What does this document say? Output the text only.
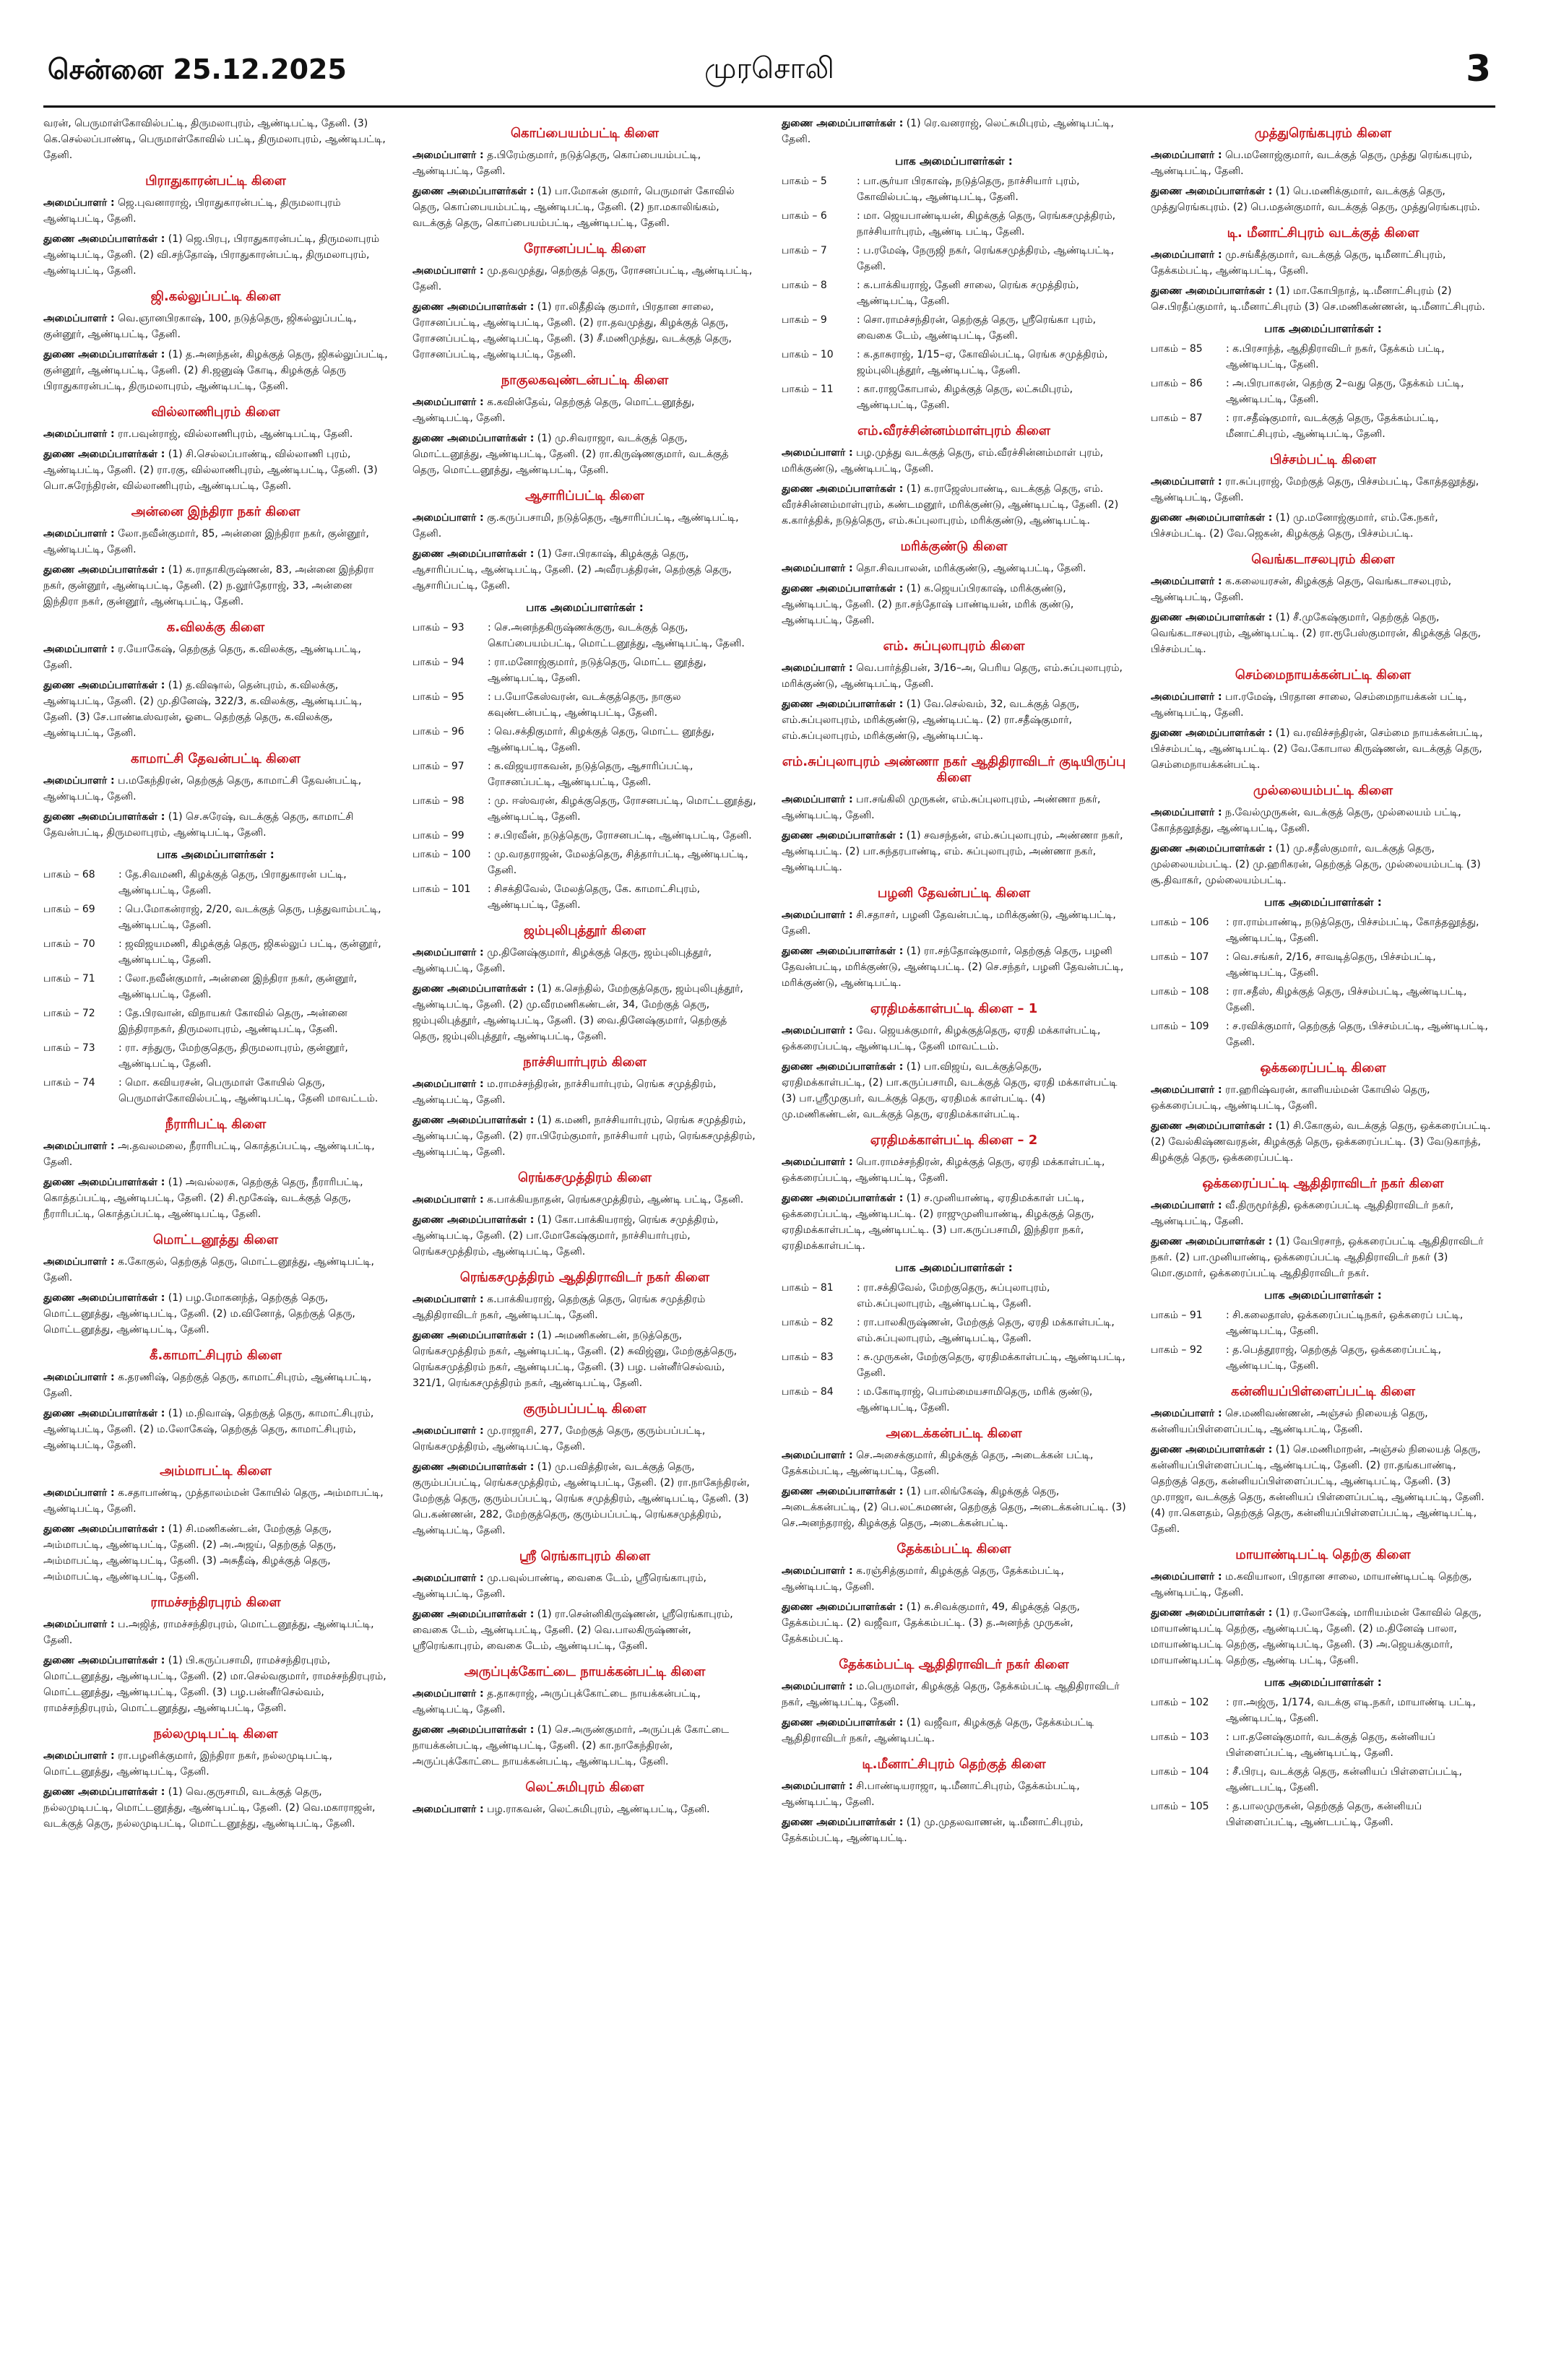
சென்னை 25.12.2025	முரசொலி	3

வரன், பெருமாள்கோவில்பட்டி, திருமலாபுரம், ஆண்டிபட்டி, தேனி. (3) கெ.செல்லப்பாண்டி, பெருமாள்கோவில் பட்டி, திருமலாபுரம், ஆண்டிபட்டி, தேனி.

பிராதுகாரன்பட்டி கிளை

அமைப்பாளர் : ஜெ.புவனாராஜ், பிராதுகாரன்பட்டி, திருமலாபுரம் ஆண்டிபட்டி, தேனி.

துணை அமைப்பாளர்கள் : (1) ஜெ.பிரபு, பிராதுகாரன்பட்டி, திருமலாபுரம் ஆண்டிபட்டி, தேனி. (2) வி.சந்தோஷ், பிராதுகாரன்பட்டி, திருமலாபுரம், ஆண்டிபட்டி, தேனி.

ஜி.கல்லுப்பட்டி கிளை

அமைப்பாளர் : வெ.ஞானபிரகாஷ், 100, நடுத்தெரு, ஜிகல்லுப்பட்டி, குன்னூர், ஆண்டிபட்டி, தேனி.

துணை அமைப்பாளர்கள் : (1) த.அனந்தன், கிழக்குத் தெரு, ஜிகல்லுப்பட்டி, குன்னூர், ஆண்டிபட்டி, தேனி. (2) சி.ஜனுஷ் கோடி, கிழக்குத் தெரு பிராதுகாரன்பட்டி, திருமலாபுரம், ஆண்டிபட்டி, தேனி.

வில்லாணிபுரம் கிளை

அமைப்பாளர் : ரா.பவுன்ராஜ், வில்லாணிபுரம், ஆண்டிபட்டி, தேனி.

துணை அமைப்பாளர்கள் : (1) சி.செல்லப்பாண்டி, வில்லாணி புரம், ஆண்டிபட்டி, தேனி. (2) ரா.ரகு, வில்லாணிபுரம், ஆண்டிபட்டி, தேனி. (3) பொ.சுரேந்திரன், வில்லாணிபுரம், ஆண்டிபட்டி, தேனி.

அன்னை இந்திரா நகர் கிளை

அமைப்பாளர் : லோ.நவீன்குமார், 85, அன்னை இந்திரா நகர், குன்னூர், ஆண்டிபட்டி, தேனி.

துணை அமைப்பாளர்கள் : (1) க.ராதாகிருஷ்ணன், 83, அன்னை இந்திரா நகர், குன்னூர், ஆண்டிபட்டி, தேனி. (2) ந.லூர்தேராஜ், 33, அன்னை இந்திரா நகர், குன்னூர், ஆண்டிபட்டி, தேனி.

க.விலக்கு கிளை

அமைப்பாளர் : ர.யோகேஷ், தெற்குத் தெரு, க.விலக்கு, ஆண்டிபட்டி, தேனி.

துணை அமைப்பாளர்கள் : (1) த.விஷால், தென்புரம், க.விலக்கு, ஆண்டிபட்டி, தேனி. (2) மு.தினேஷ், 322/3, க.விலக்கு, ஆண்டிபட்டி, தேனி. (3) சே.பாண்டீஸ்வரன், ஓடை தெற்குத் தெரு, க.விலக்கு, ஆண்டிபட்டி, தேனி.

காமாட்சி தேவன்பட்டி கிளை

அமைப்பாளர் : ப.மகேந்திரன், தெற்குத் தெரு, காமாட்சி தேவன்பட்டி, ஆண்டிபட்டி, தேனி.

துணை அமைப்பாளர்கள் : (1) செ.சுரேஷ், வடக்குத் தெரு, காமாட்சி தேவன்பட்டி, திருமலாபுரம், ஆண்டிபட்டி, தேனி.

பாக அமைப்பாளர்கள் :
பாகம் – 68	: தே.சிவமணி, கிழக்குத் தெரு, பிராதுகாரன் பட்டி, ஆண்டிபட்டி, தேனி.
பாகம் – 69	: பெ.மோகன்ராஜ், 2/20, வடக்குத் தெரு, பத்துவாம்பட்டி, ஆண்டிபட்டி, தேனி.
பாகம் – 70	: ஜவிஜயமணி, கிழக்குத் தெரு, ஜிகல்லுப் பட்டி, குன்னூர், ஆண்டிபட்டி, தேனி.
பாகம் – 71	: லோ.நவீன்குமார், அன்னை இந்திரா நகர், குன்னூர், ஆண்டிபட்டி, தேனி.
பாகம் – 72	: தே.பிரவான், விநாயகர் கோவில் தெரு, அன்னை இந்திராநகர், திருமலாபுரம், ஆண்டிபட்டி, தேனி.
பாகம் – 73	: ரா. சந்துரு, மேற்குதெரு, திருமலாபுரம், குன்னூர், ஆண்டிபட்டி, தேனி.
பாகம் – 74	: மொ. கவியரசன், பெருமாள் கோயில் தெரு, பெருமாள்கோவில்பட்டி, ஆண்டிபட்டி, தேனி மாவட்டம்.
நீராரிபட்டி கிளை

அமைப்பாளர் : அ.தவலமலை, நீராரிபட்டி, கொத்தப்பட்டி, ஆண்டிபட்டி, தேனி.

துணை அமைப்பாளர்கள் : (1) அவல்லரசு, தெற்குத் தெரு, நீராரிபட்டி, கொத்தப்பட்டி, ஆண்டிபட்டி, தேனி. (2) சி.மூகேஷ், வடக்குத் தெரு, நீராரிபட்டி, கொத்தப்பட்டி, ஆண்டிபட்டி, தேனி.

மொட்டனூத்து கிளை

அமைப்பாளர் : க.கோகுல், தெற்குத் தெரு, மொட்டனூத்து, ஆண்டிபட்டி, தேனி.

துணை அமைப்பாளர்கள் : (1) பழ.மோகனந்த், தெற்குத் தெரு, மொட்டனூத்து, ஆண்டிபட்டி, தேனி. (2) ம.வினோத், தெற்குத் தெரு, மொட்டனூத்து, ஆண்டிபட்டி, தேனி.

கீ.காமாட்சிபுரம் கிளை

அமைப்பாளர் : க.தரணிஷ், தெற்குத் தெரு, காமாட்சிபுரம், ஆண்டிபட்டி, தேனி.

துணை அமைப்பாளர்கள் : (1) ம.நிவாஷ், தெற்குத் தெரு, காமாட்சிபுரம், ஆண்டிபட்டி, தேனி. (2) ம.லோகேஷ், தெற்குத் தெரு, காமாட்சிபுரம், ஆண்டிபட்டி, தேனி.

அம்மாபட்டி கிளை

அமைப்பாளர் : க.சதாபாண்டி, முத்தாலம்மன் கோயில் தெரு, அம்மாபட்டி, ஆண்டிபட்டி, தேனி.

துணை அமைப்பாளர்கள் : (1) சி.மணிகண்டன், மேற்குத் தெரு, அம்மாபட்டி, ஆண்டிபட்டி, தேனி. (2) அ.அஜய், தெற்குத் தெரு, அம்மாபட்டி, ஆண்டிபட்டி, தேனி. (3) அசுதீஷ், கிழக்குத் தெரு, அம்மாபட்டி, ஆண்டிபட்டி, தேனி.

ராமச்சந்திரபுரம் கிளை

அமைப்பாளர் : ப.அஜித், ராமச்சந்திரபுரம், மொட்டனூத்து, ஆண்டிபட்டி, தேனி.

துணை அமைப்பாளர்கள் : (1) பி.கருப்பசாமி, ராமச்சந்திரபுரம், மொட்டனூத்து, ஆண்டிபட்டி, தேனி. (2) மா.செல்வகுமார், ராமச்சந்திரபுரம், மொட்டனூத்து, ஆண்டிபட்டி, தேனி. (3) பழ.பன்னீர்செல்வம், ராமச்சந்திரபுரம், மொட்டனூத்து, ஆண்டிபட்டி, தேனி.

நல்லமுடிபட்டி கிளை

அமைப்பாளர் : ரா.பழனிக்குமார், இந்திரா நகர், நல்லமுடிபட்டி, மொட்டனூத்து, ஆண்டிபட்டி, தேனி.

துணை அமைப்பாளர்கள் : (1) வெ.குருசாமி, வடக்குத் தெரு, நல்லமுடிபட்டி, மொட்டனூத்து, ஆண்டிபட்டி, தேனி. (2) வெ.மகாராஜன், வடக்குத் தெரு, நல்லமுடிபட்டி, மொட்டனூத்து, ஆண்டிபட்டி, தேனி.

கொப்பையம்பட்டி கிளை

அமைப்பாளர் : த.பிரேம்குமார், நடுத்தெரு, கொப்பையம்பட்டி, ஆண்டிபட்டி, தேனி.

துணை அமைப்பாளர்கள் : (1) பா.மோகன் குமார், பெருமாள் கோவில் தெரு, கொப்பையம்பட்டி, ஆண்டிபட்டி, தேனி. (2) நா.மகாலிங்கம், வடக்குத் தெரு, கொப்பையம்பட்டி, ஆண்டிபட்டி, தேனி.

ரோசனப்பட்டி கிளை

அமைப்பாளர் : மு.தவமுத்து, தெற்குத் தெரு, ரோசனப்பட்டி, ஆண்டிபட்டி, தேனி.

துணை அமைப்பாளர்கள் : (1) ரா.லிதீதிஷ் குமார், பிரதான சாலை, ரோசனப்பட்டி, ஆண்டிபட்டி, தேனி. (2) ரா.தவமுத்து, கிழக்குத் தெரு, ரோசனப்பட்டி, ஆண்டிபட்டி, தேனி. (3) சீ.மணிமுத்து, வடக்குத் தெரு, ரோசனப்பட்டி, ஆண்டிபட்டி, தேனி.

நாகுலகவுண்டன்பட்டி கிளை

அமைப்பாளர் : க.கவின்தேவ், தெற்குத் தெரு, மொட்டனூத்து, ஆண்டிபட்டி, தேனி.

துணை அமைப்பாளர்கள் : (1) மு.சிவராஜா, வடக்குத் தெரு, மொட்டனூத்து, ஆண்டிபட்டி, தேனி. (2) ரா.கிருஷ்ணகுமார், வடக்குத் தெரு, மொட்டனூத்து, ஆண்டிபட்டி, தேனி.

ஆசாரிப்பட்டி கிளை

அமைப்பாளர் : கு.கருப்பசாமி, நடுத்தெரு, ஆசாரிப்பட்டி, ஆண்டிபட்டி, தேனி.

துணை அமைப்பாளர்கள் : (1) சோ.பிரகாஷ், கிழக்குத் தெரு, ஆசாரிப்பட்டி, ஆண்டிபட்டி, தேனி. (2) அவீரபத்திரன், தெற்குத் தெரு, ஆசாரிப்பட்டி, தேனி.

பாக அமைப்பாளர்கள் :
பாகம் – 93	: செ.அனந்தகிருஷ்ணக்குரு, வடக்குத் தெரு, கொப்பையம்பட்டி, மொட்டனூத்து, ஆண்டிபட்டி, தேனி.
பாகம் – 94	: ரா.மனோஜ்குமார், நடுத்தெரு, மொட்ட னூத்து, ஆண்டிபட்டி, தேனி.
பாகம் – 95	: ப.யோகேஸ்வரன், வடக்குத்தெரு, நாகுல கவுண்டன்பட்டி, ஆண்டிபட்டி, தேனி.
பாகம் – 96	: வெ.சக்திகுமார், கிழக்குத் தெரு, மொட்ட னூத்து, ஆண்டிபட்டி, தேனி.
பாகம் – 97	: க.விஜயராகவன், நடுத்தெரு, ஆசாரிப்பட்டி, ரோசனப்பட்டி, ஆண்டிபட்டி, தேனி.
பாகம் – 98	: மு. ஈஸ்வரன், கிழக்குதெரு, ரோசனபட்டி, மொட்டனூத்து, ஆண்டிபட்டி, தேனி.
பாகம் – 99	: ச.பிரவீன், நடுத்தெரு, ரோசனபட்டி, ஆண்டிபட்டி, தேனி.
பாகம் – 100	: மு.வரதராஜன், மேலத்தெரு, சித்தார்பட்டி, ஆண்டிபட்டி, தேனி.
பாகம் – 101	: சிசக்திவேல், மேலத்தெரு, கே. காமாட்சிபுரம், ஆண்டிபட்டி, தேனி.
ஜம்புலிபுத்தூர் கிளை

அமைப்பாளர் : மு.தினேஷ்குமார், கிழக்குத் தெரு, ஜம்புலிபுத்தூர், ஆண்டிபட்டி, தேனி.

துணை அமைப்பாளர்கள் : (1) க.செந்தில், மேற்குத்தெரு, ஜம்புலிபுத்தூர், ஆண்டிபட்டி, தேனி. (2) மு.வீரமணிகண்டன், 34, மேற்குத் தெரு, ஜம்புலிபுத்தூர், ஆண்டிபட்டி, தேனி. (3) வை.தினேஷ்குமார், தெற்குத் தெரு, ஜம்புலிபுத்தூர், ஆண்டிபட்டி, தேனி.

நாச்சியார்புரம் கிளை

அமைப்பாளர் : ம.ராமச்சந்திரன், நாச்சியார்புரம், ரெங்க சமுத்திரம், ஆண்டிபட்டி, தேனி.

துணை அமைப்பாளர்கள் : (1) க.மணி, நாச்சியார்புரம், ரெங்க சமுத்திரம், ஆண்டிபட்டி, தேனி. (2) ரா.பிரேம்குமார், நாச்சியார் புரம், ரெங்கசமுத்திரம், ஆண்டிபட்டி, தேனி.

ரெங்கசமுத்திரம் கிளை

அமைப்பாளர் : க.பாக்கியநாதன், ரெங்கசமுத்திரம், ஆண்டி பட்டி, தேனி.

துணை அமைப்பாளர்கள் : (1) கோ.பாக்கியராஜ், ரெங்க சமுத்திரம், ஆண்டிபட்டி, தேனி. (2) பா.மோகேஷ்குமார், நாச்சியார்புரம், ரெங்கசமுத்திரம், ஆண்டிபட்டி, தேனி.

ரெங்கசமுத்திரம் ஆதிதிராவிடர் நகர் கிளை

அமைப்பாளர் : க.பாக்கியராஜ், தெற்குத் தெரு, ரெங்க சமுத்திரம் ஆதிதிராவிடர் நகர், ஆண்டிபட்டி, தேனி.

துணை அமைப்பாளர்கள் : (1) அமணிகண்டன், நடுத்தெரு, ரெங்கசமுத்திரம் நகர், ஆண்டிபட்டி, தேனி. (2) சுவிஜ்னு, மேற்குத்தெரு, ரெங்கசமுத்திரம் நகர், ஆண்டிபட்டி, தேனி. (3) பழ. பன்னீர்செல்வம், 321/1, ரெங்கசமுத்திரம் நகர், ஆண்டிபட்டி, தேனி.

குரும்பப்பட்டி கிளை

அமைப்பாளர் : மு.ராஜாசி, 277, மேற்குத் தெரு, குரும்பப்பட்டி, ரெங்கசமுத்திரம், ஆண்டிபட்டி, தேனி.

துணை அமைப்பாளர்கள் : (1) மு.பவித்திரன், வடக்குத் தெரு, குரும்பப்பட்டி, ரெங்கசமுத்திரம், ஆண்டிபட்டி, தேனி. (2) ரா.நாகேந்திரன், மேற்குத் தெரு, குரும்பப்பட்டி, ரெங்க சமுத்திரம், ஆண்டிபட்டி, தேனி. (3) பெ.கண்ணன், 282, மேற்குத்தெரு, குரும்பப்பட்டி, ரெங்கசமுத்திரம், ஆண்டிபட்டி, தேனி.

ஸ்ரீ ரெங்காபுரம் கிளை

அமைப்பாளர் : மு.பவுல்பாண்டி, வைகை டேம், ஸ்ரீரெங்காபுரம், ஆண்டிபட்டி, தேனி.

துணை அமைப்பாளர்கள் : (1) ரா.சென்னிகிருஷ்ணன், ஸ்ரீரெங்காபுரம், வைகை டேம், ஆண்டிபட்டி, தேனி. (2) வெ.பாலகிருஷ்ணன், ஸ்ரீரெங்காபுரம், வைகை டேம், ஆண்டிபட்டி, தேனி.

அருப்புக்கோட்டை நாயக்கன்பட்டி கிளை

அமைப்பாளர் : த.தாசுராஜ், அருப்புக்கோட்டை நாயக்கன்பட்டி, ஆண்டிபட்டி, தேனி.

துணை அமைப்பாளர்கள் : (1) செ.அருண்குமார், அருப்புக் கோட்டை நாயக்கன்பட்டி, ஆண்டிபட்டி, தேனி. (2) கா.நாகேந்திரன், அருப்புக்கோட்டை நாயக்கன்பட்டி, ஆண்டிபட்டி, தேனி.

லெட்சுமிபுரம் கிளை

அமைப்பாளர் : பழ.ராகவன், லெட்சுமிபுரம், ஆண்டிபட்டி, தேனி.

துணை அமைப்பாளர்கள் : (1) ரெ.வனராஜ், லெட்சுமிபுரம், ஆண்டிபட்டி, தேனி.

பாக அமைப்பாளர்கள் :
பாகம் – 5	: பா.சூர்யா பிரகாஷ், நடுத்தெரு, நாச்சியார் புரம், கோவில்பட்டி, ஆண்டிபட்டி, தேனி.
பாகம் – 6	: மா. ஜெயபாண்டியன், கிழக்குத் தெரு, ரெங்கசமுத்திரம், நாச்சியார்புரம், ஆண்டி பட்டி, தேனி.
பாகம் – 7	: ப.ரமேஷ், நேருஜி நகர், ரெங்கசமுத்திரம், ஆண்டிபட்டி, தேனி.
பாகம் – 8	: க.பாக்கியராஜ், தேனி சாலை, ரெங்க சமுத்திரம், ஆண்டிபட்டி, தேனி.
பாகம் – 9	: சொ.ராமச்சந்திரன், தெற்குத் தெரு, ஸ்ரீரெங்கா புரம், வைகை டேம், ஆண்டிபட்டி, தேனி.
பாகம் – 10	: க.தாசுராஜ், 1/15–ஏ, கோவில்பட்டி, ரெங்க சமுத்திரம், ஜம்புலிபுத்தூர், ஆண்டிபட்டி, தேனி.
பாகம் – 11	: கா.ராஜகோபால், கிழக்குத் தெரு, லட்சுமிபுரம், ஆண்டிபட்டி, தேனி.
எம்.வீரச்சின்னம்மாள்புரம் கிளை

அமைப்பாளர் : பழ.முத்து வடக்குத் தெரு, எம்.வீரச்சின்னம்மாள் புரம், மரிக்குண்டு, ஆண்டிபட்டி, தேனி.

துணை அமைப்பாளர்கள் : (1) க.ராஜேஸ்பாண்டி, வடக்குத் தெரு, எம். வீரச்சின்னம்மாள்புரம், கண்டமனூர், மரிக்குண்டு, ஆண்டிபட்டி, தேனி. (2) க.கார்த்திக், நடுத்தெரு, எம்.சுப்புலாபுரம், மரிக்குண்டு, ஆண்டிபட்டி.

மரிக்குண்டு கிளை

அமைப்பாளர் : தொ.சிவபாலன், மரிக்குண்டு, ஆண்டிபட்டி, தேனி.

துணை அமைப்பாளர்கள் : (1) க.ஜெயப்பிரகாஷ், மரிக்குண்டு, ஆண்டிபட்டி, தேனி. (2) நா.சந்தோஷ் பாண்டியன், மரிக் குண்டு, ஆண்டிபட்டி, தேனி.

எம். சுப்புலாபுரம் கிளை

அமைப்பாளர் : வெ.பார்த்திபன், 3/16–அ, பெரிய தெரு, எம்.சுப்புலாபுரம், மரிக்குண்டு, ஆண்டிபட்டி, தேனி.

துணை அமைப்பாளர்கள் : (1) வே.செல்வம், 32, வடக்குத் தெரு, எம்.சுப்புலாபுரம், மரிக்குண்டு, ஆண்டிபட்டி. (2) ரா.சதீஷ்குமார், எம்.சுப்புலாபுரம், மரிக்குண்டு, ஆண்டிபட்டி.

எம்.சுப்புலாபுரம் அண்ணா நகர் ஆதிதிராவிடர் குடியிருப்பு கிளை

அமைப்பாளர் : பா.சங்கிலி முருகன், எம்.சுப்புலாபுரம், அண்ணா நகர், ஆண்டிபட்டி, தேனி.

துணை அமைப்பாளர்கள் : (1) சவசந்தன், எம்.சுப்புலாபுரம், அண்ணா நகர், ஆண்டிபட்டி. (2) பா.சுந்தரபாண்டி, எம். சுப்புலாபுரம், அண்ணா நகர், ஆண்டிபட்டி.

பழனி தேவன்பட்டி கிளை

அமைப்பாளர் : சி.சதாசர், பழனி தேவன்பட்டி, மரிக்குண்டு, ஆண்டிபட்டி, தேனி.

துணை அமைப்பாளர்கள் : (1) ரா.சந்தோஷ்குமார், தெற்குத் தெரு, பழனி தேவன்பட்டி, மரிக்குண்டு, ஆண்டிபட்டி. (2) செ.சந்தர், பழனி தேவன்பட்டி, மரிக்குண்டு, ஆண்டிபட்டி.

ஏரதிமக்காள்பட்டி கிளை – 1

அமைப்பாளர் : வே. ஜெயக்குமார், கிழக்குத்தெரு, ஏரதி மக்காள்பட்டி, ஒக்கரைப்பட்டி, ஆண்டிபட்டி, தேனி மாவட்டம்.

துணை அமைப்பாளர்கள் : (1) பா.விஜய், வடக்குத்தெரு, ஏரதிமக்காள்பட்டி, (2) பா.கருப்பசாமி, வடக்குத் தெரு, ஏரதி மக்காள்பட்டி (3) பா.ஸ்ரீமுகுபர், வடக்குத் தெரு, ஏரதிமக் காள்பட்டி. (4) மு.மணிகண்டன், வடக்குத் தெரு, ஏரதிமக்காள்பட்டி.

ஏரதிமக்காள்பட்டி கிளை – 2

அமைப்பாளர் : பொ.ராமச்சந்திரன், கிழக்குத் தெரு, ஏரதி மக்காள்பட்டி, ஒக்கரைப்பட்டி, ஆண்டிபட்டி, தேனி.

துணை அமைப்பாளர்கள் : (1) ச.முனியாண்டி, ஏரதிமக்காள் பட்டி, ஒக்கரைப்பட்டி, ஆண்டிபட்டி. (2) ராஜுமுனியாண்டி, கிழக்குத் தெரு, ஏரதிமக்காள்பட்டி, ஆண்டிபட்டி. (3) பா.கருப்பசாமி, இந்திரா நகர், ஏரதிமக்காள்பட்டி.

பாக அமைப்பாளர்கள் :
பாகம் – 81	: ரா.சக்திவேல், மேற்குதெரு, சுப்புலாபுரம், எம்.சுப்புலாபுரம், ஆண்டிபட்டி, தேனி.
பாகம் – 82	: ரா.பாலகிருஷ்ணன், மேற்குத் தெரு, ஏரதி மக்காள்பட்டி, எம்.சுப்புலாபுரம், ஆண்டிபட்டி, தேனி.
பாகம் – 83	: சு.முருகன், மேற்குதெரு, ஏரதிமக்காள்பட்டி, ஆண்டிபட்டி, தேனி.
பாகம் – 84	: ம.கோடிராஜ், பொம்மையசாமிதெரு, மரிக் குண்டு, ஆண்டிபட்டி, தேனி.
அடைக்கன்பட்டி கிளை

அமைப்பாளர் : செ.அசைக்குமார், கிழக்குத் தெரு, அடைக்கன் பட்டி, தேக்கம்பட்டி, ஆண்டிபட்டி, தேனி.

துணை அமைப்பாளர்கள் : (1) பா.லிங்கேஷ், கிழக்குத் தெரு, அடைக்கன்பட்டி, (2) பெ.லட்சுமணன், தெற்குத் தெரு, அடைக்கன்பட்டி. (3) செ.அனந்தராஜ், கிழக்குத் தெரு, அடைக்கன்பட்டி.

தேக்கம்பட்டி கிளை

அமைப்பாளர் : க.ரஞ்சித்குமார், கிழக்குத் தெரு, தேக்கம்பட்டி, ஆண்டிபட்டி, தேனி.

துணை அமைப்பாளர்கள் : (1) சு.சிவக்குமார், 49, கிழக்குத் தெரு, தேக்கம்பட்டி. (2) வஜீவா, தேக்கம்பட்டி. (3) த.அனந்த் முருகன், தேக்கம்பட்டி.

தேக்கம்பட்டி ஆதிதிராவிடர் நகர் கிளை

அமைப்பாளர் : ம.பெருமாள், கிழக்குத் தெரு, தேக்கம்பட்டி ஆதிதிராவிடர் நகர், ஆண்டிபட்டி, தேனி.

துணை அமைப்பாளர்கள் : (1) வஜீவா, கிழக்குத் தெரு, தேக்கம்பட்டி ஆதிதிராவிடர் நகர், ஆண்டிபட்டி.

டி.மீனாட்சிபுரம் தெற்குத் கிளை

அமைப்பாளர் : சி.பாண்டியராஜா, டி.மீனாட்சிபுரம், தேக்கம்பட்டி, ஆண்டிபட்டி, தேனி.

துணை அமைப்பாளர்கள் : (1) மு.முதலவாணன், டி.மீனாட்சிபுரம், தேக்கம்பட்டி, ஆண்டிபட்டி.

முத்துரெங்கபுரம் கிளை

அமைப்பாளர் : பெ.மனோஜ்குமார், வடக்குத் தெரு, முத்து ரெங்கபுரம், ஆண்டிபட்டி, தேனி.

துணை அமைப்பாளர்கள் : (1) பெ.மணிக்குமார், வடக்குத் தெரு, முத்துரெங்கபுரம். (2) பெ.மதன்குமார், வடக்குத் தெரு, முத்துரெங்கபுரம்.

டி. மீனாட்சிபுரம் வடக்குத் கிளை

அமைப்பாளர் : மு.சங்கீத்குமார், வடக்குத் தெரு, டிமீனாட்சிபுரம், தேக்கம்பட்டி, ஆண்டிபட்டி, தேனி.

துணை அமைப்பாளர்கள் : (1) மா.கோபிநாத், டி.மீனாட்சிபுரம் (2) செ.பிரதீப்குமார், டி.மீனாட்சிபுரம் (3) செ.மணிகண்ணன், டி.மீனாட்சிபுரம்.

பாக அமைப்பாளர்கள் :
பாகம் – 85	: க.பிரசாந்த், ஆதிதிராவிடர் நகர், தேக்கம் பட்டி, ஆண்டிபட்டி, தேனி.
பாகம் – 86	: அ.பிரபாகரன், தெற்கு 2–வது தெரு, தேக்கம் பட்டி, ஆண்டிபட்டி, தேனி.
பாகம் – 87	: ரா.சதீஷ்குமார், வடக்குத் தெரு, தேக்கம்பட்டி, மீனாட்சிபுரம், ஆண்டிபட்டி, தேனி.
பிச்சம்பட்டி கிளை

அமைப்பாளர் : ரா.சுப்புராஜ், மேற்குத் தெரு, பிச்சம்பட்டி, கோத்தலூத்து, ஆண்டிபட்டி, தேனி.

துணை அமைப்பாளர்கள் : (1) மு.மனோஜ்குமார், எம்.கே.நகர், பிச்சம்பட்டி. (2) வே.ஜெகன், கிழக்குத் தெரு, பிச்சம்பட்டி.

வெங்கடாசலபுரம் கிளை

அமைப்பாளர் : க.கலையரசன், கிழக்குத் தெரு, வெங்கடாசலபுரம், ஆண்டிபட்டி, தேனி.

துணை அமைப்பாளர்கள் : (1) சீ.முகேஷ்குமார், தெற்குத் தெரு, வெங்கடாசலபுரம், ஆண்டிபட்டி. (2) ரா.ரூபேஸ்குமாரன், கிழக்குத் தெரு, பிச்சம்பட்டி.

செம்மைநாயக்கன்பட்டி கிளை

அமைப்பாளர் : பா.ரமேஷ், பிரதான சாலை, செம்மைநாயக்கன் பட்டி, ஆண்டிபட்டி, தேனி.

துணை அமைப்பாளர்கள் : (1) வ.ரவிச்சந்திரன், செம்மை நாயக்கன்பட்டி, பிச்சம்பட்டி, ஆண்டிபட்டி. (2) வே.கோபால கிருஷ்ணன், வடக்குத் தெரு, செம்மைநாயக்கன்பட்டி.

முல்லையம்பட்டி கிளை

அமைப்பாளர் : ந.வேல்முருகன், வடக்குத் தெரு, முல்லையம் பட்டி, கோத்தலூத்து, ஆண்டிபட்டி, தேனி.

துணை அமைப்பாளர்கள் : (1) மு.சதீஸ்குமார், வடக்குத் தெரு, முல்லையம்பட்டி. (2) மு.ஹரிகரன், தெற்குத் தெரு, முல்லையம்பட்டி (3) சூ.திவாகர், முல்லையம்பட்டி.

பாக அமைப்பாளர்கள் :
பாகம் – 106	: ரா.ராம்பாண்டி, நடுத்தெரு, பிச்சம்பட்டி, கோத்தலூத்து, ஆண்டிபட்டி, தேனி.
பாகம் – 107	: வெ.சங்கர், 2/16, சாவடித்தெரு, பிச்சம்பட்டி, ஆண்டிபட்டி, தேனி.
பாகம் – 108	: ரா.சதீஸ், கிழக்குத் தெரு, பிச்சம்பட்டி, ஆண்டிபட்டி, தேனி.
பாகம் – 109	: ச.ரவிக்குமார், தெற்குத் தெரு, பிச்சம்பட்டி, ஆண்டிபட்டி, தேனி.
ஒக்கரைப்பட்டி கிளை

அமைப்பாளர் : ரா.ஹரிஷ்வரன், காளியம்மன் கோயில் தெரு, ஒக்கரைப்பட்டி, ஆண்டிபட்டி, தேனி.

துணை அமைப்பாளர்கள் : (1) சி.கோகுல், வடக்குத் தெரு, ஒக்கரைப்பட்டி. (2) வேல்கிஷ்ணவரதன், கிழக்குத் தெரு, ஒக்கரைப்பட்டி. (3) வேடுகாந்த், கிழக்குத் தெரு, ஒக்கரைப்பட்டி.

ஒக்கரைப்பட்டி ஆதிதிராவிடர் நகர் கிளை

அமைப்பாளர் : வீ.திருமூர்த்தி, ஒக்கரைப்பட்டி ஆதிதிராவிடர் நகர், ஆண்டிபட்டி, தேனி.

துணை அமைப்பாளர்கள் : (1) வேபிரசாந், ஒக்கரைப்பட்டி ஆதிதிராவிடர் நகர். (2) பா.முனியாண்டி, ஒக்கரைப்பட்டி ஆதிதிராவிடர் நகர் (3) மொ.குமார், ஒக்கரைப்பட்டி ஆதிதிராவிடர் நகர்.

பாக அமைப்பாளர்கள் :
பாகம் – 91	: சி.கலைதாஸ், ஒக்கரைப்பட்டிநகர், ஒக்கரைப் பட்டி, ஆண்டிபட்டி, தேனி.
பாகம் – 92	: த.பெத்தூராஜ், தெற்குத் தெரு, ஒக்கரைப்பட்டி, ஆண்டிபட்டி, தேனி.
கன்னியப்பிள்ளைப்பட்டி கிளை

அமைப்பாளர் : செ.மணிவண்ணன், அஞ்சல் நிலையத் தெரு, கன்னியப்பிள்ளைப்பட்டி, ஆண்டிபட்டி, தேனி.

துணை அமைப்பாளர்கள் : (1) செ.மணிமாறன், அஞ்சல் நிலையத் தெரு, கன்னியப்பிள்ளைப்பட்டி, ஆண்டிபட்டி, தேனி. (2) ரா.தங்கபாண்டி, தெற்குத் தெரு, கன்னியப்பிள்ளைப்பட்டி, ஆண்டிபட்டி, தேனி. (3) மு.ராஜா, வடக்குத் தெரு, கன்னியப் பிள்ளைப்பட்டி, ஆண்டிபட்டி, தேனி. (4) ரா.கௌதம், தெற்குத் தெரு, கன்னியப்பிள்ளைப்பட்டி, ஆண்டிபட்டி, தேனி.

மாயாண்டிபட்டி தெற்கு கிளை

அமைப்பாளர் : ம.கவியாலா, பிரதான சாலை, மாயாண்டிபட்டி தெற்கு, ஆண்டிபட்டி, தேனி.

துணை அமைப்பாளர்கள் : (1) ர.லோகேஷ், மாரியம்மன் கோவில் தெரு, மாயாண்டிபட்டி தெற்கு, ஆண்டிபட்டி, தேனி. (2) ம.தினேஷ் பாலா, மாயாண்டிபட்டி தெற்கு, ஆண்டிபட்டி, தேனி. (3) அ.ஜெயக்குமார், மாயாண்டிபட்டி தெற்கு, ஆண்டி பட்டி, தேனி.

பாக அமைப்பாளர்கள் :
பாகம் – 102	: ரா.அஜ்ரு, 1/174, வடக்கு எடி.நகர், மாயாண்டி பட்டி, ஆண்டிபட்டி, தேனி.
பாகம் – 103	: பா.தனேஷ்குமார், வடக்குத் தெரு, கன்னியப் பிள்ளைப்பட்டி, ஆண்டிபட்டி, தேனி.
பாகம் – 104	: சீ.பிரபு, வடக்குத் தெரு, கன்னியப் பிள்ளைப்பட்டி, ஆண்டபட்டி, தேனி.
பாகம் – 105	: த.பாலமுருகன், தெற்குத் தெரு, கன்னியப் பிள்ளைப்பட்டி, ஆண்டபட்டி, தேனி.
